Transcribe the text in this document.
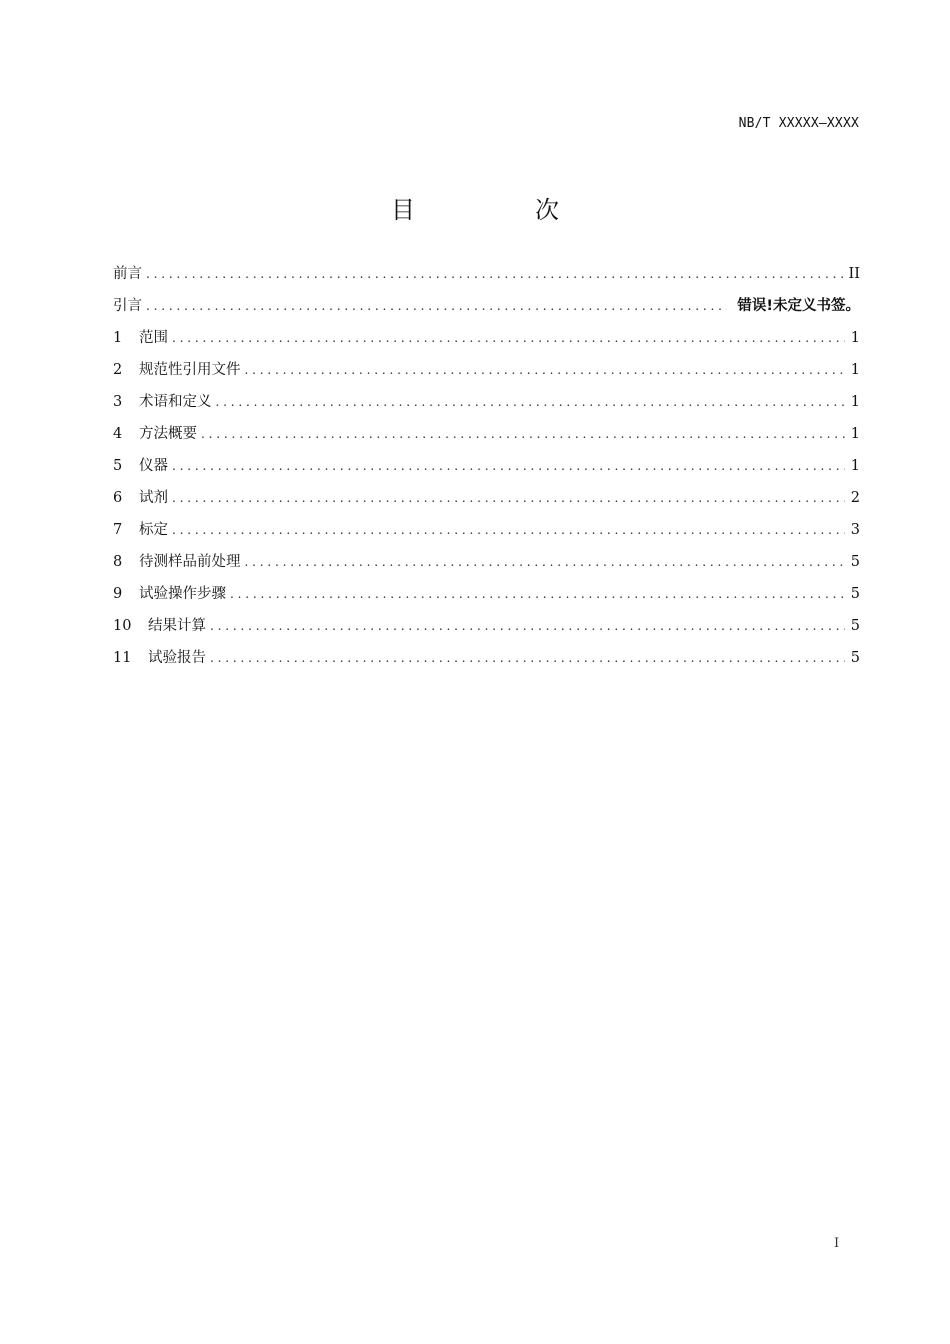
NB/T XXXXX—XXXX
目　次
前言 . . .	II
引言 . . .	错误!未定义书签。
1	范围 . . .	1
2	规范性引用文件 . . .	1
3	术语和定义 . . .	1
4	方法概要 . . .	1
5	仪器 . . .	1
6	试剂 . . .	2
7	标定 . . .	3
8	待测样品前处理 . . .	5
9	试验操作步骤 . . .	5
10	结果计算 . . .	5
11	试验报告 . . .	5
I
